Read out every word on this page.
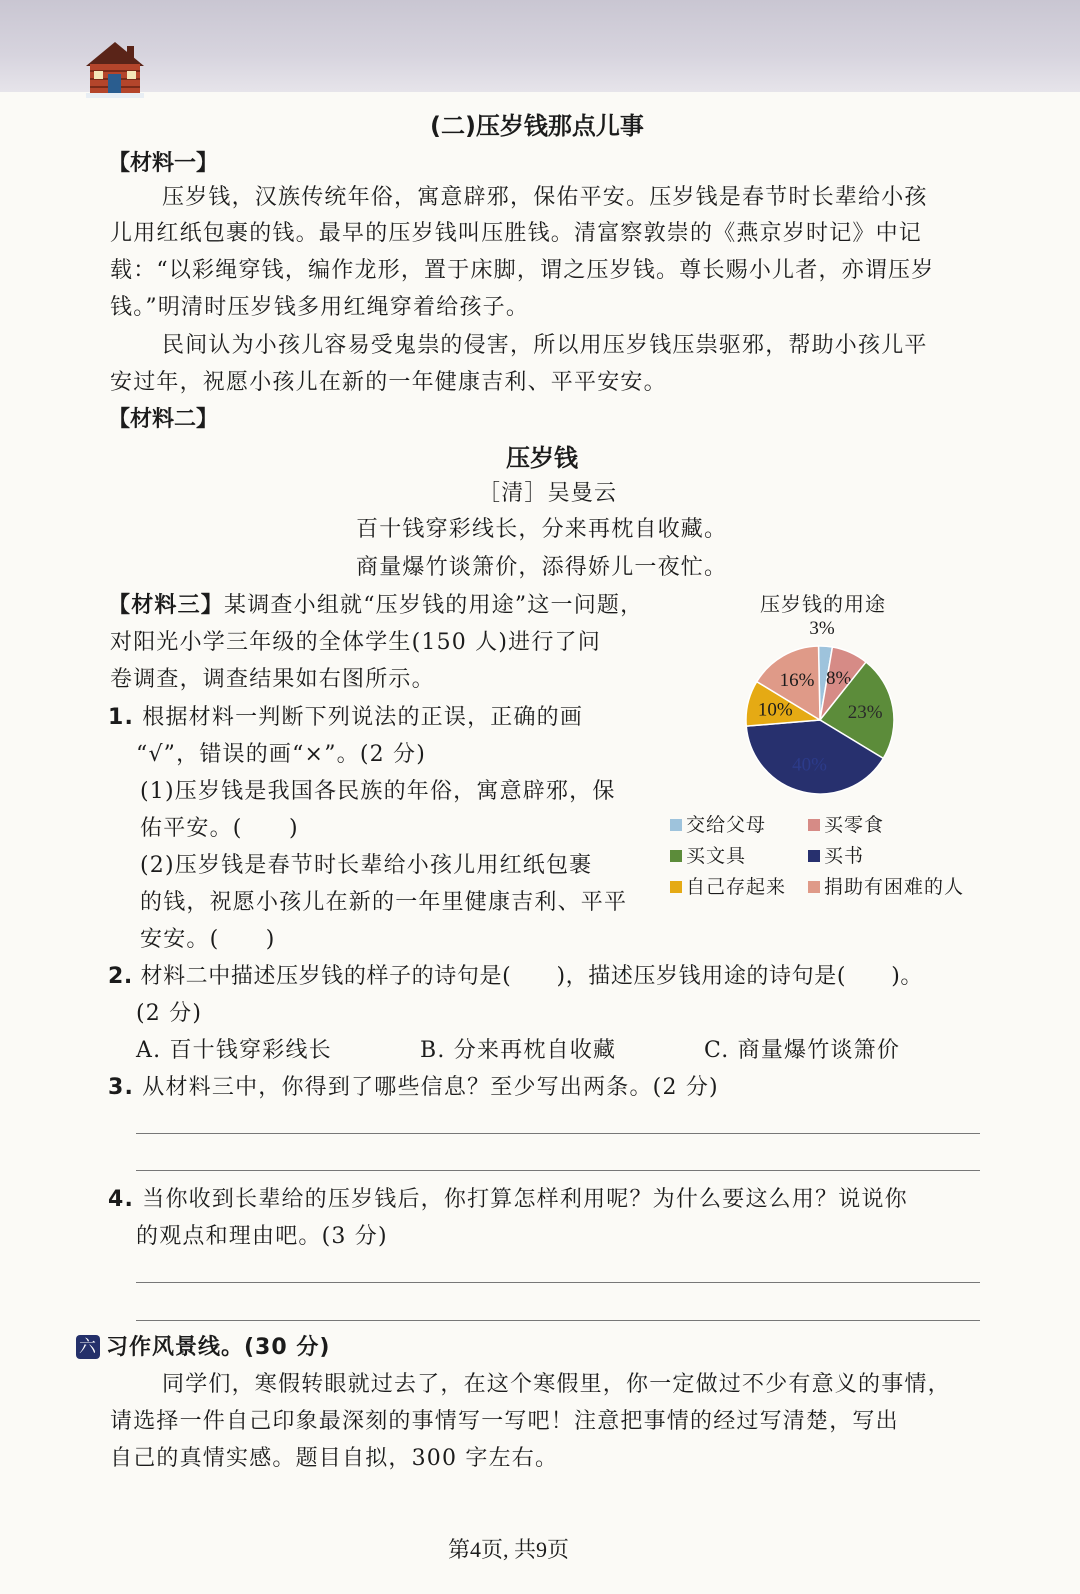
(二)压岁钱那点儿事
【材料一】
压岁钱，汉族传统年俗，寓意辟邪，保佑平安。压岁钱是春节时长辈给小孩
儿用红纸包裹的钱。最早的压岁钱叫压胜钱。清富察敦崇的《燕京岁时记》中记
载：“以彩绳穿钱，编作龙形，置于床脚，谓之压岁钱。尊长赐小儿者，亦谓压岁
钱。”明清时压岁钱多用红绳穿着给孩子。
民间认为小孩儿容易受鬼祟的侵害，所以用压岁钱压祟驱邪，帮助小孩儿平
安过年，祝愿小孩儿在新的一年健康吉利、平平安安。
【材料二】
压岁钱
［清］吴曼云
百十钱穿彩线长，分来再枕自收藏。
商量爆竹谈箫价，添得娇儿一夜忙。
【材料三】某调查小组就“压岁钱的用途”这一问题，
对阳光小学三年级的全体学生(150 人)进行了问
卷调查，调查结果如右图所示。
1. 根据材料一判断下列说法的正误，正确的画
“√”，错误的画“×”。(2 分)
(1)压岁钱是我国各民族的年俗，寓意辟邪，保
佑平安。(　　)
(2)压岁钱是春节时长辈给小孩儿用红纸包裹
的钱，祝愿小孩儿在新的一年里健康吉利、平平
安安。(　　)
压岁钱的用途
3%
8%
23%
40%
10%
16%
交给父母	买零食
买文具	买书
自己存起来	捐助有困难的人
2. 材料二中描述压岁钱的样子的诗句是(　　)，描述压岁钱用途的诗句是(　　)。
(2 分)
A. 百十钱穿彩线长	B. 分来再枕自收藏	C. 商量爆竹谈箫价
3. 从材料三中，你得到了哪些信息？至少写出两条。(2 分)
4. 当你收到长辈给的压岁钱后，你打算怎样利用呢？为什么要这么用？说说你
的观点和理由吧。(3 分)
六 习作风景线。(30 分)
同学们，寒假转眼就过去了，在这个寒假里，你一定做过不少有意义的事情，
请选择一件自己印象最深刻的事情写一写吧！注意把事情的经过写清楚，写出
自己的真情实感。题目自拟，300 字左右。
第4页, 共9页
